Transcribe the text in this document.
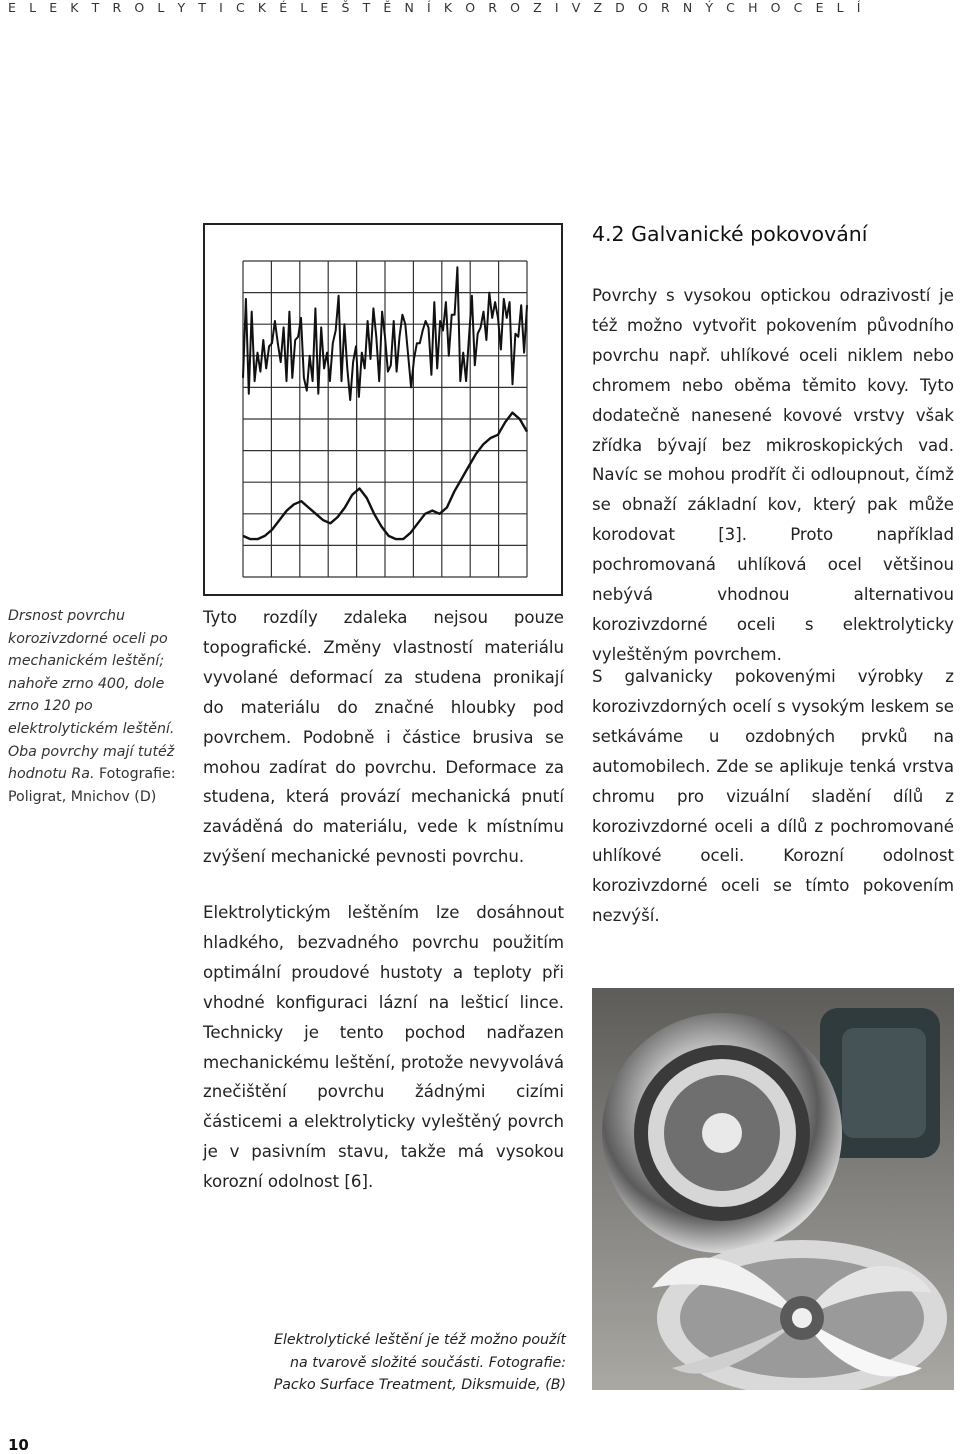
E L E K T R O L Y T I C K É L E Š T Ě N Í K O R O Z I V Z D O R N Ý C H O C E L Í
Drsnost povrchu korozivzdorné oceli po mechanickém leštění; nahoře zrno 400, dole zrno 120 po elektrolytickém leštění. Oba povrchy mají tutéž hodnotu Ra. Fotografie: Poligrat, Mnichov (D)
Tyto rozdíly zdaleka nejsou pouze topografické. Změny vlastností materiálu vyvolané deformací za studena pronikají do materiálu do značné hloubky pod povrchem. Podobně i částice brusiva se mohou zadírat do povrchu. Deformace za studena, která provází mechanická pnutí zaváděná do materiálu, vede k místnímu zvýšení mechanické pevnosti povrchu.
Elektrolytickým leštěním lze dosáhnout hladkého, bezvadného povrchu použitím optimální proudové hustoty a teploty při vhodné konfiguraci lázní na lešticí lince. Technicky je tento pochod nadřazen mechanickému leštění, protože nevyvolává znečištění povrchu žádnými cizími částicemi a elektrolyticky vyleštěný povrch je v pasivním stavu, takže má vysokou korozní odolnost [6].
4.2 Galvanické pokovování
Povrchy s vysokou optickou odrazivostí je též možno vytvořit pokovením původního povrchu např. uhlíkové oceli niklem nebo chromem nebo oběma těmito kovy. Tyto dodatečně nanesené kovové vrstvy však zřídka bývají bez mikroskopických vad. Navíc se mohou prodřít či odloupnout, čímž se obnaží základní kov, který pak může korodovat [3]. Proto například pochromovaná uhlíková ocel většinou nebývá vhodnou alternativou korozivzdorné oceli s elektrolyticky vyleštěným povrchem.
S galvanicky pokovenými výrobky z korozivzdorných ocelí s vysokým leskem se setkáváme u ozdobných prvků na automobilech. Zde se aplikuje tenká vrstva chromu pro vizuální sladění dílů z korozivzdorné oceli a dílů z pochromované uhlíkové oceli. Korozní odolnost korozivzdorné oceli se tímto pokovením nezvýší.
Elektrolytické leštění je též možno použít na tvarově složité součásti. Fotografie: Packo Surface Treatment, Diksmuide, (B)
10
